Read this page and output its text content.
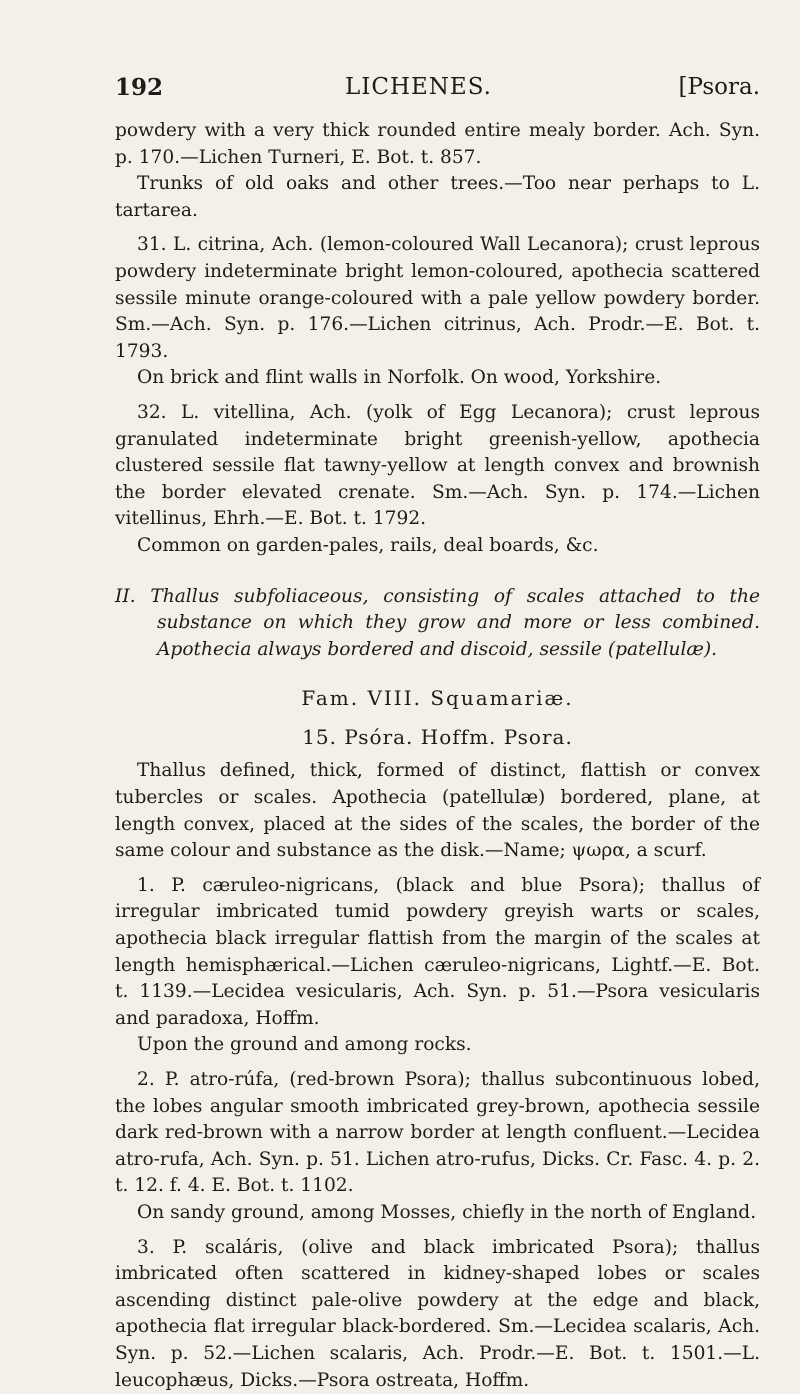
192	LICHENES.	[Psora.

powdery with a very thick rounded entire mealy border. Ach. Syn. p. 170.—Lichen Turneri, E. Bot. t. 857.

Trunks of old oaks and other trees.—Too near perhaps to L. tartarea.

31. L. citrina, Ach. (lemon-coloured Wall Lecanora); crust leprous powdery indeterminate bright lemon-coloured, apothecia scattered sessile minute orange-coloured with a pale yellow powdery border. Sm.—Ach. Syn. p. 176.—Lichen citrinus, Ach. Prodr.—E. Bot. t. 1793.

On brick and flint walls in Norfolk. On wood, Yorkshire.

32. L. vitellina, Ach. (yolk of Egg Lecanora); crust leprous granulated indeterminate bright greenish-yellow, apothecia clustered sessile flat tawny-yellow at length convex and brownish the border elevated crenate. Sm.—Ach. Syn. p. 174.—Lichen vitellinus, Ehrh.—E. Bot. t. 1792.

Common on garden-pales, rails, deal boards, &c.

II. Thallus subfoliaceous, consisting of scales attached to the substance on which they grow and more or less combined. Apothecia always bordered and discoid, sessile (patellulæ).

Fam. VIII. Squamariæ.

15. Psóra. Hoffm. Psora.

Thallus defined, thick, formed of distinct, flattish or convex tubercles or scales. Apothecia (patellulæ) bordered, plane, at length convex, placed at the sides of the scales, the border of the same colour and substance as the disk.—Name; ψωρα, a scurf.

1. P. cæruleo-nigricans, (black and blue Psora); thallus of irregular imbricated tumid powdery greyish warts or scales, apothecia black irregular flattish from the margin of the scales at length hemisphærical.—Lichen cæruleo-nigricans, Lightf.—E. Bot. t. 1139.—Lecidea vesicularis, Ach. Syn. p. 51.—Psora vesicularis and paradoxa, Hoffm.

Upon the ground and among rocks.

2. P. atro-rúfa, (red-brown Psora); thallus subcontinuous lobed, the lobes angular smooth imbricated grey-brown, apothecia sessile dark red-brown with a narrow border at length confluent.—Lecidea atro-rufa, Ach. Syn. p. 51. Lichen atro-rufus, Dicks. Cr. Fasc. 4. p. 2. t. 12. f. 4. E. Bot. t. 1102.

On sandy ground, among Mosses, chiefly in the north of England.

3. P. scaláris, (olive and black imbricated Psora); thallus imbricated often scattered in kidney-shaped lobes or scales ascending distinct pale-olive powdery at the edge and black, apothecia flat irregular black-bordered. Sm.—Lecidea scalaris, Ach. Syn. p. 52.—Lichen scalaris, Ach. Prodr.—E. Bot. t. 1501.—L. leucophæus, Dicks.—Psora ostreata, Hoffm.
